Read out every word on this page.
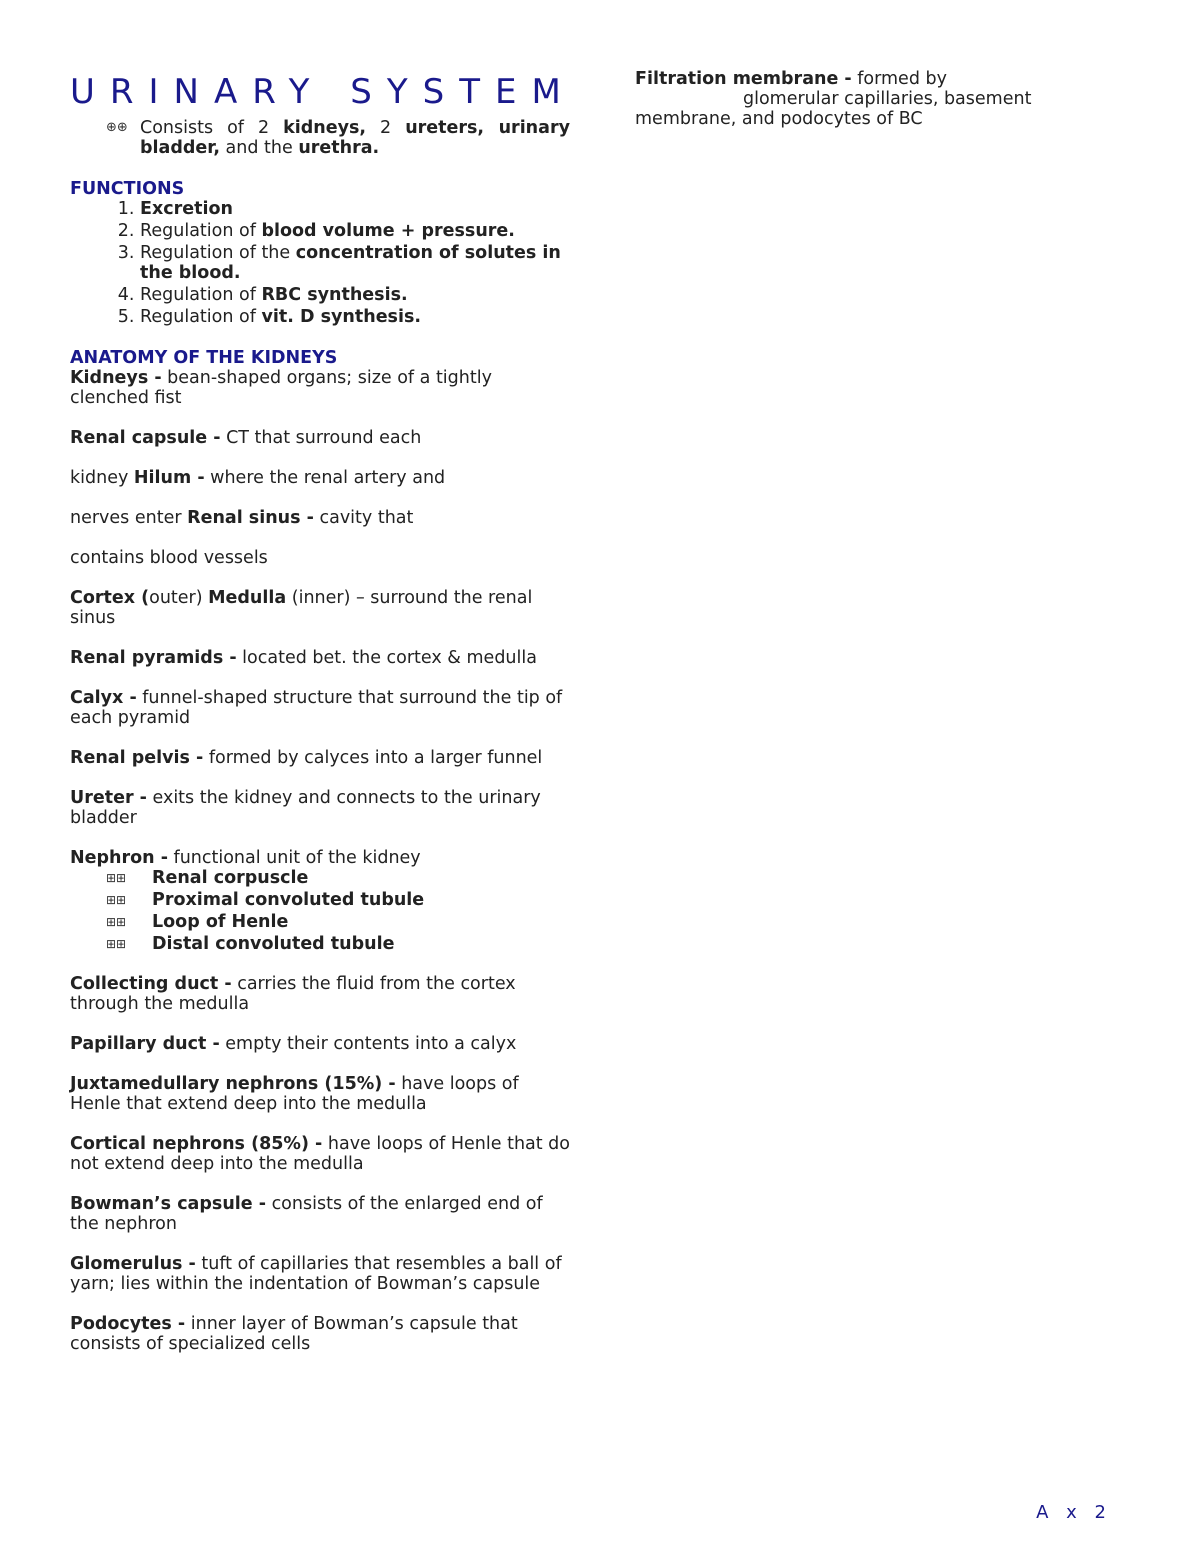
URINARY SYSTEM
⊕⊕ Consists of 2 kidneys, 2 ureters, urinary bladder, and the urethra.
FUNCTIONS
1. Excretion
2. Regulation of blood volume + pressure.
3. Regulation of the concentration of solutes in the blood.
4. Regulation of RBC synthesis.
5. Regulation of vit. D synthesis.
ANATOMY OF THE KIDNEYS
Kidneys - bean-shaped organs; size of a tightly clenched fist
Renal capsule - CT that surround each
kidney Hilum - where the renal artery and
nerves enter Renal sinus - cavity that
contains blood vessels
Cortex (outer) Medulla (inner) – surround the renal sinus
Renal pyramids - located bet. the cortex & medulla
Calyx - funnel-shaped structure that surround the tip of each pyramid
Renal pelvis - formed by calyces into a larger funnel
Ureter - exits the kidney and connects to the urinary bladder
Nephron - functional unit of the kidney
⊞⊞	Renal corpuscle
⊞⊞	Proximal convoluted tubule
⊞⊞	Loop of Henle
⊞⊞	Distal convoluted tubule
Collecting duct - carries the fluid from the cortex through the medulla
Papillary duct - empty their contents into a calyx
Juxtamedullary nephrons (15%) - have loops of Henle that extend deep into the medulla
Cortical nephrons (85%) - have loops of Henle that do not extend deep into the medulla
Bowman’s capsule - consists of the enlarged end of the nephron
Glomerulus - tuft of capillaries that resembles a ball of yarn; lies within the indentation of Bowman’s capsule
Podocytes - inner layer of Bowman’s capsule that consists of specialized cells
Filtration membrane - formed by
glomerular capillaries, basement
membrane, and podocytes of BC
A x 2
